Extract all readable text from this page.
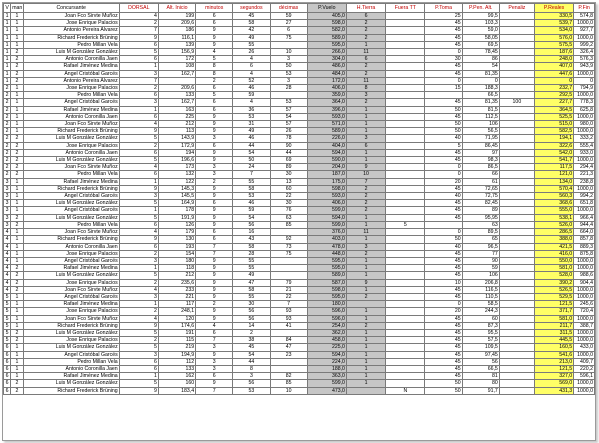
V	man	Concursante	DORSAL	Alt. Inicio	minutos	segundos	décimas	P.Vuelo	H.Tierra	Fuera TT	P.Toma	P.Pen. Alt.	Penaliz	P.Reales	P.Fin
1	1	Joan Fco Sirvte Muñoz	4	199	6	45	59	405,0	6		25	99,5		330,5	574,8
1	1	Jose Enrique Palacios	2	209,6	6	58	27	598,0	2		45	103,3		539,7	1000,0
1	1	Antonio Pereira Alvarez	7	186	9	42	6	582,0	2		45	59,0		534,0	927,7
1	1	Richard Frederick Brüning	9	116,1	9	49	75	589,0	2		45	58,05		576,0	1000,0
1	1	Pedro Millan Vela	6	139	9	55		595,0	1		45	69,5		575,5	999,2
1	2	Luis M González González	5	156,9	4	26	10	266,0	11		0	78,45		187,6	326,4
1	2	Antonio Coronilla Jaen	6	172	5	4	3	304,0	6		30	86		248,0	576,3
1	2	Rafael Jiménez Medina	1	108	8	6	50	486,0	2		45	54		407,0	943,9
1	2	Angel Cristóbal Garcés	3	162,7	8	4	53	484,0	2		45	81,35		447,6	1000,0
1	2	Antonio Pereira Alvarez	7		2	52	3	172,0	11		0	0		0	0
2	1	Jose Enrique Palacios	2	209,6	6	46	28	406,0	8		15	188,3		232,7	794,9
2	1	Pedro Millan Vela	6	133	5	59		359,0	3			66,5		292,5	1000,0
2	1	Angel Cristóbal Garcés	3	162,7	6	4	53	364,0	2		45	81,35	100	227,7	778,3
2	1	Rafael Jiménez Medina	1	163	6	36	57	396,0	1		50	81,5		364,5	625,8
2	1	Antonio Coronilla Jaen	6	225	9	53	54	593,0	1		45	112,5		525,5	1000,0
2	1	Joan Fco Sirvte Muñoz	4	212	9	31	57	571,0	1		50	106		515,0	980,0
2	1	Richard Frederick Brüning	9	113	9	49	26	589,0	1		50	56,5		582,5	1000,0
2	2	Luis M González González	5	143,9	3	46	78	226,0	3		40	71,95		194,1	333,2
2	2	Jose Enrique Palacios	2	172,9	6	44	90	404,0	6		5	86,45		322,6	555,4
2	2	Antonio Coronilla Jaen	6	194	9	54	44	594,0	1		45	97		542,0	933,0
2	2	Luis M González González	5	196,6	9	50	69	590,0	1		45	98,3		541,7	1000,0
2	2	Joan Fco Sirvte Muñoz	4	173	3	24	89	204,0	9		0	86,5		117,5	294,4
2	2	Pedro Millan Vela	6	132	3	7	30	187,0	10		0	66		121,0	221,3
3	1	Rafael Jiménez Medina	1	122	2	55	13	175,0	7		20	61		134,0	238,8
3	1	Richard Frederick Brüning	9	145,3	9	58	60	598,0	2		45	72,65		570,4	1000,0
3	1	Angel Cristóbal Garcés	3	145,5	9	53	22	593,0	2		40	72,75		560,3	994,2
3	1	Luis M González González	5	164,9	6	46	30	406,0	2		45	82,45		368,6	651,8
3	1	Angel Cristóbal Garcés	1	178	9	59	76	599,0	2		45	89		555,0	1000,0
3	2	Luis M González González	5	191,9	9	54	63	594,0	1		45	95,95		538,1	966,4
3	2	Pedro Millan Vela	6	126	9	56	85	599,0	1	5		63		526,0	944,4
4	1	Joan Fco Sirvte Muñoz	4	179	6	16		376,0	11		0	89,5		286,5	664,0
4	1	Richard Frederick Brüning	9	130	6	43	92	403,0	1		50	65		388,0	857,8
4	1	Antonio Coronilla Jaen	6	193	7	58	73	478,0	3		40	96,5		421,5	889,3
4	1	Jose Enrique Palacios	2	154	7	28	75	448,0	2		45	77		416,0	875,8
4	1	Angel Cristóbal Garcés	3	180	9	55		595,0	1		45	90		550,0	1000,0
4	2	Rafael Jiménez Medina	1	118	9	55		595,0	1		45	59		581,0	1000,0
4	2	Luis M González González	5	212	9	49		589,0	1		45	106		528,0	988,6
4	2	Jose Enrique Palacios	2	235,6	9	47	79	587,0	9		10	206,8		390,2	904,4
4	2	Joan Fco Sirvte Muñoz	4	233	9	58	21	598,0	1		45	116,5		526,5	1000,0
5	1	Angel Cristóbal Garcés	3	221	9	55	22	595,0	2		45	110,5		529,5	1000,0
5	1	Rafael Jiménez Medina	1	117	2	30	7	180,0			0	58,5		121,5	245,6
5	1	Jose Enrique Palacios	2	248,1	9	56	93	596,0	1		20	244,3		371,7	720,4
5	1	Joan Fco Sirvte Muñoz	4	120	9	56	93	596,0	1		45	60		581,0	1000,0
5	1	Richard Frederick Brüning	9	174,6	4	14	41	254,0	2		45	87,3		211,7	388,7
5	2	Luis M González González	5	191	6	2		362,0	1		45	95,5		311,5	1000,0
5	2	Jose Enrique Palacios	2	115	7	38	84	458,0	1		45	57,5		445,5	1000,0
6	1	Luis M González González	5	219	3	45	47	225,0	1		45	109,5		160,5	433,0
6	1	Angel Cristóbal Garcés	3	194,9	9	54	23	594,0	1		45	97,45		541,6	1000,0
6	1	Pedro Millan Vela	6	112	3	44		224,0	1		45	56		213,0	409,7
6	1	Antonio Coronilla Jaen	6	133	3	8		188,0	1		45	66,5		121,5	220,2
6	1	Rafael Jiménez Medina	1	162	6	3	82	363,0	1		45	81		327,0	596,1
6	2	Luis M González González	5	160	9	56	85	599,0	1		50	80		569,0	1000,0
6	2	Richard Frederick Brüning	9	183,4	7	53	10	473,0		N	50	91,7		431,3	1000,0
